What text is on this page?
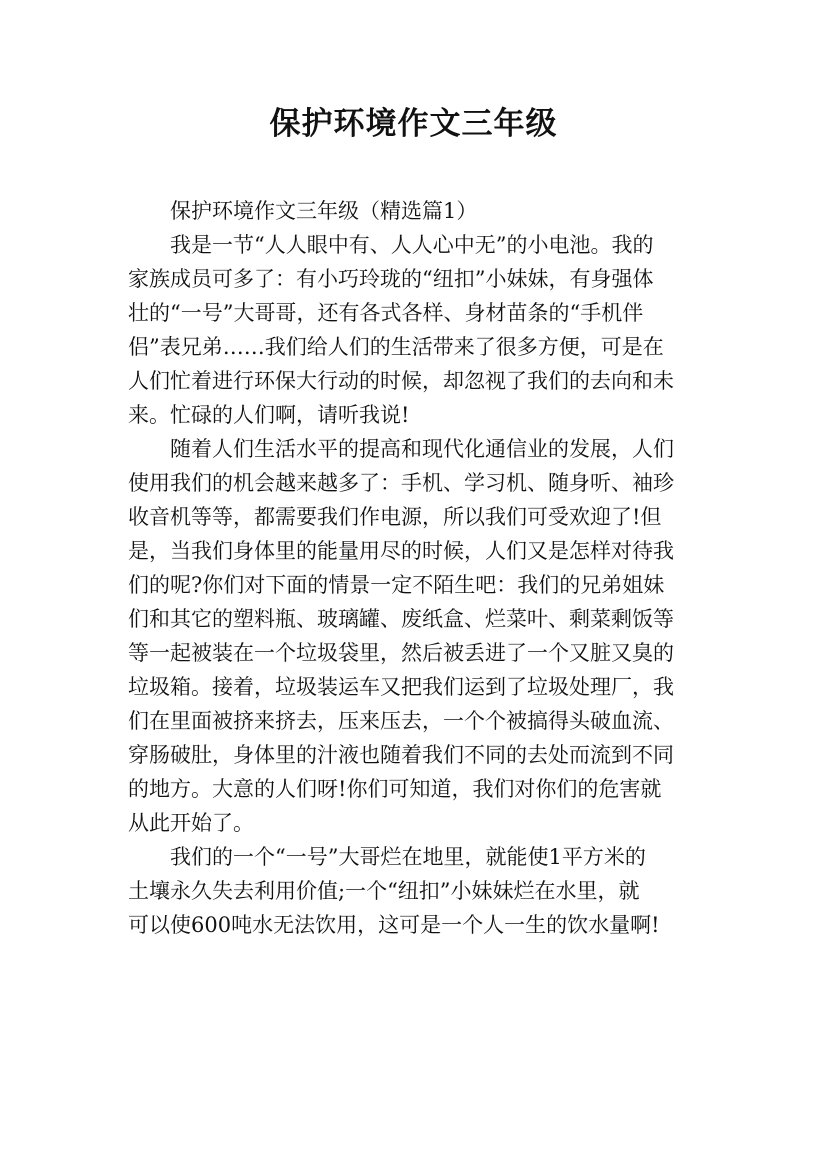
保护环境作文三年级
保护环境作文三年级（精选篇1）
我是一节“人人眼中有、人人心中无”的小电池。我的
家族成员可多了：有小巧玲珑的“纽扣”小妹妹，有身强体
壮的“一号”大哥哥，还有各式各样、身材苗条的“手机伴
侣”表兄弟……我们给人们的生活带来了很多方便，可是在
人们忙着进行环保大行动的时候，却忽视了我们的去向和未
来。忙碌的人们啊，请听我说!
随着人们生活水平的提高和现代化通信业的发展，人们
使用我们的机会越来越多了：手机、学习机、随身听、袖珍
收音机等等，都需要我们作电源，所以我们可受欢迎了!但
是，当我们身体里的能量用尽的时候，人们又是怎样对待我
们的呢?你们对下面的情景一定不陌生吧：我们的兄弟姐妹
们和其它的塑料瓶、玻璃罐、废纸盒、烂菜叶、剩菜剩饭等
等一起被装在一个垃圾袋里，然后被丢进了一个又脏又臭的
垃圾箱。接着，垃圾装运车又把我们运到了垃圾处理厂，我
们在里面被挤来挤去，压来压去，一个个被搞得头破血流、
穿肠破肚，身体里的汁液也随着我们不同的去处而流到不同
的地方。大意的人们呀!你们可知道，我们对你们的危害就
从此开始了。
我们的一个“一号”大哥烂在地里，就能使1平方米的
土壤永久失去利用价值;一个“纽扣”小妹妹烂在水里，就
可以使600吨水无法饮用，这可是一个人一生的饮水量啊!
